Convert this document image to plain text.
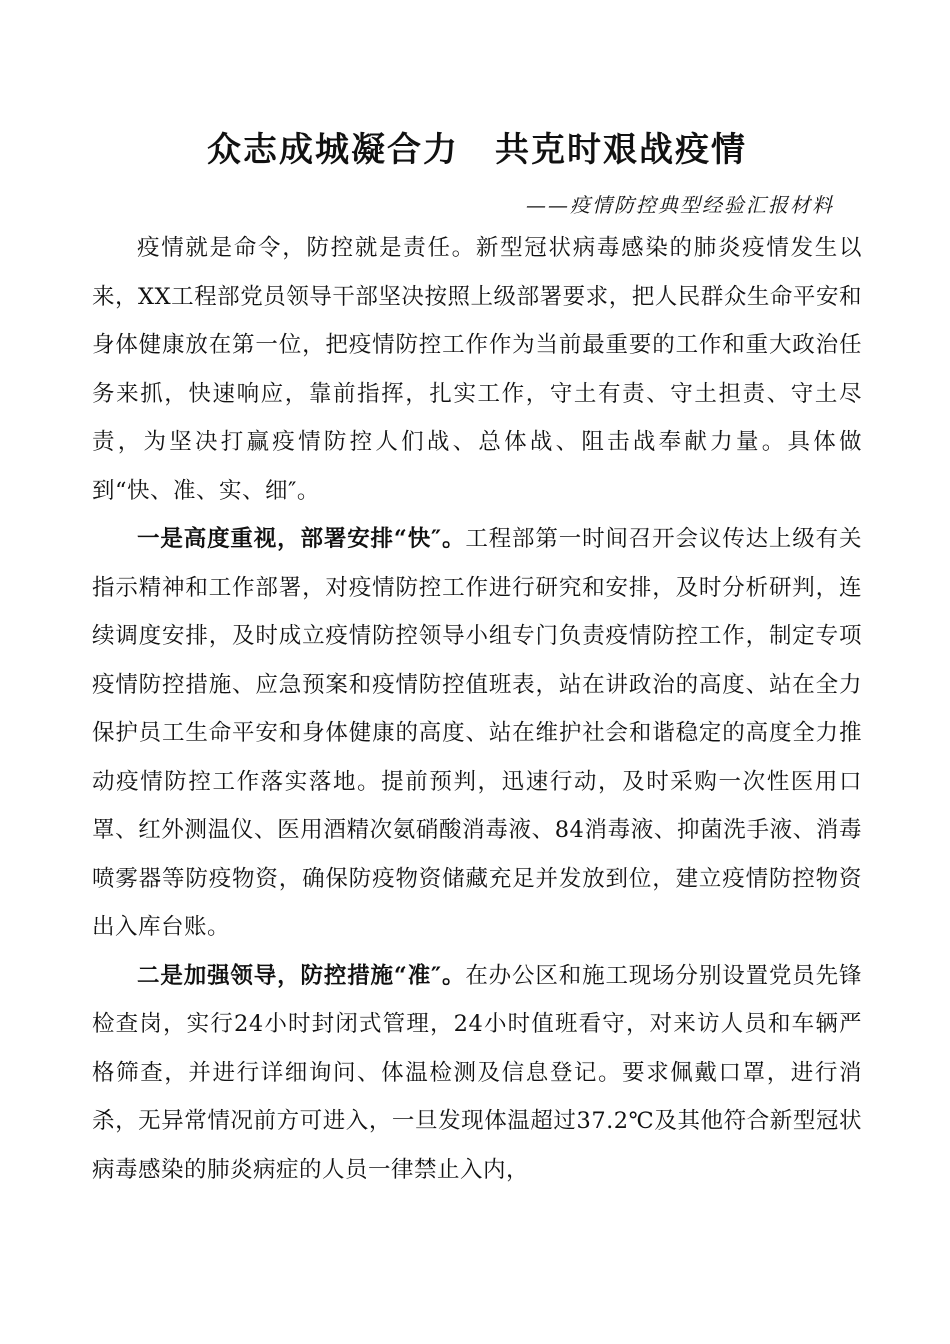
众志成城凝合力　共克时艰战疫情
——疫情防控典型经验汇报材料

疫情就是命令，防控就是责任。新型冠状病毒感染的肺炎疫情发生以来，XX工程部党员领导干部坚决按照上级部署要求，把人民群众生命平安和身体健康放在第一位，把疫情防控工作作为当前最重要的工作和重大政治任务来抓，快速响应，靠前指挥，扎实工作，守土有责、守土担责、守土尽责，为坚决打赢疫情防控人们战、总体战、阻击战奉献力量。具体做到“快、准、实、细″。

一是高度重视，部署安排“快″。工程部第一时间召开会议传达上级有关指示精神和工作部署，对疫情防控工作进行研究和安排，及时分析研判，连续调度安排，及时成立疫情防控领导小组专门负责疫情防控工作，制定专项疫情防控措施、应急预案和疫情防控值班表，站在讲政治的高度、站在全力保护员工生命平安和身体健康的高度、站在维护社会和谐稳定的高度全力推动疫情防控工作落实落地。提前预判，迅速行动，及时采购一次性医用口罩、红外测温仪、医用酒精次氨硝酸消毒液、84消毒液、抑菌洗手液、消毒喷雾器等防疫物资，确保防疫物资储藏充足并发放到位，建立疫情防控物资出入库台账。

二是加强领导，防控措施“准″。在办公区和施工现场分别设置党员先锋检查岗，实行24小时封闭式管理，24小时值班看守，对来访人员和车辆严格筛查，并进行详细询问、体温检测及信息登记。要求佩戴口罩，进行消杀，无异常情况前方可进入，一旦发现体温超过37.2℃及其他符合新型冠状病毒感染的肺炎病症的人员一律禁止入内，
